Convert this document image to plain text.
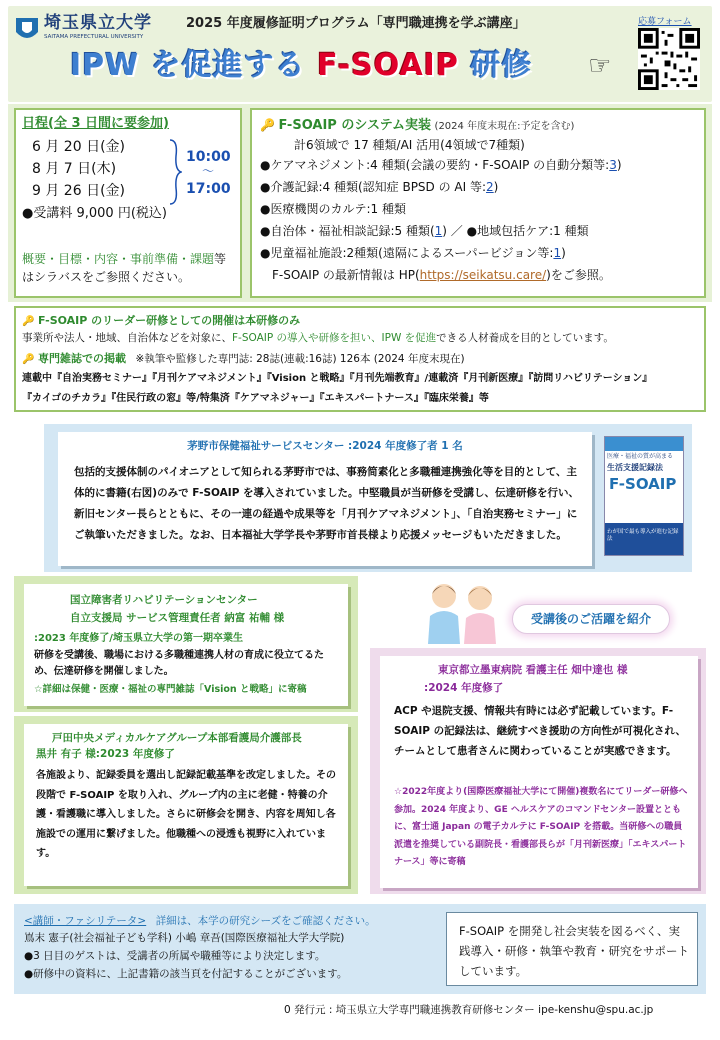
埼玉県立大学
SAITAMA PREFECTURAL UNIVERSITY
2025 年度履修証明プログラム「専門職連携を学ぶ講座」
IPW を促進する F-SOAIP 研修 ☞
応募フォーム
日程(全 3 日間に要参加)
6 月 20 日(金)
8 月 7 日(木)
9 月 26 日(金)
10:00
～
17:00
●受講料 9,000 円(税込)
概要・目標・内容・事前準備・課題等はシラバスをご参照ください。
🔑 F-SOAIP のシステム実装 (2024 年度末現在:予定を含む)
計6領域で 17 種類/AI 活用(4領域で7種類)
●ケアマネジメント:4 種類(会議の要約・F-SOAIP の自動分類等:3)
●介護記録:4 種類(認知症 BPSD の AI 等:2)
●医療機関のカルテ:1 種類
●自治体・福祉相談記録:5 種類(1) ／ ●地域包括ケア:1 種類
●児童福祉施設:2種類(遠隔によるスーパービジョン等:1)
F-SOAIP の最新情報は HP(https://seikatsu.care/)をご参照。
🔑 F-SOAIP のリーダー研修としての開催は本研修のみ
事業所や法人・地域、自治体などを対象に、F-SOAIP の導入や研修を担い、IPW を促進できる人材養成を目的としています。
🔑 専門雑誌での掲載 ※執筆や監修した専門誌: 28誌(連載:16誌) 126本 (2024 年度末現在)
連載中『自治実務セミナー』『月刊ケアマネジメント』『Vision と戦略』『月刊先端教育』/連載済『月刊新医療』『訪問リハビリテーション』
『カイゴのチカラ』『住民行政の窓』等/特集済『ケアマネジャー』『エキスパートナース』『臨床栄養』等
茅野市保健福祉サービスセンター :2024 年度修了者 1 名
包括的支援体制のパイオニアとして知られる茅野市では、事務简素化と多職種連携強化等を目的として、主体的に書籍(右図)のみで F-SOAIP を導入されていました。中堅職員が当研修を受講し、伝達研修を行い、新旧センター長らとともに、その一連の経過や成果等を「月刊ケアマネジメント」、「自治実務セミナー」にご執筆いただきました。なお、日本福祉大学学長や茅野市首長様より応援メッセージもいただきました。
医療・福祉の質が高まる
生活支援記録法
F-SOAIP
わが国で最も導入が進む記録法
国立障害者リハビリテーションセンター
自立支援局 サービス管理責任者 納富 祐輔 様
:2023 年度修了/埼玉県立大学の第一期卒業生
研修を受講後、職場における多職種連携人材の育成に役立てるため、伝達研修を開催しました。
☆詳細は保健・医療・福祉の専門雑誌「Vision と戦略」に寄稿
戸田中央メディカルケアグループ本部看護局介護部長
黒井 有子 様:2023 年度修了
各施設より、記録委員を選出し記録記載基準を改定しました。その段階で F-SOAIP を取り入れ、グループ内の主に老健・特養の介護・看護職に導入しました。さらに研修会を開き、内容を周知し各施設での運用に繋げました。他職種への浸透も視野に入れています。
受講後のご活躍を紹介
東京都立墨東病院 看護主任 畑中達也 様
:2024 年度修了
ACP や退院支援、情報共有時には必ず記載しています。F-SOAIP の記録法は、継続すべき援助の方向性が可視化され、チームとして患者さんに関わっていることが実感できます。
☆2022年度より(国際医療福祉大学にて開催)複数名にてリーダー研修へ参加。2024 年度より、GE ヘルスケアのコマンドセンター設置とともに、富士通 Japan の電子カルテに F-SOAIP を搭載。当研修への職員派遣を推奨している副院長・看護部長らが「月刊新医療」「エキスパートナース」等に寄稿
<講師・ファシリテータ> 詳細は、本学の研究シーズをご確認ください。
嶌末 憲子(社会福祉子ども学科) 小嶋 章吾(国際医療福祉大学大学院)
●3 日目のゲストは、受講者の所属や職種等により決定します。
●研修中の資料に、上記書籍の該当頁を付記することがございます。
F-SOAIP を開発し社会実装を図るべく、実践導入・研修・執筆や教育・研究をサポートしています。
0 発行元 : 埼玉県立大学専門職連携教育研修センター ipe-kenshu@spu.ac.jp
